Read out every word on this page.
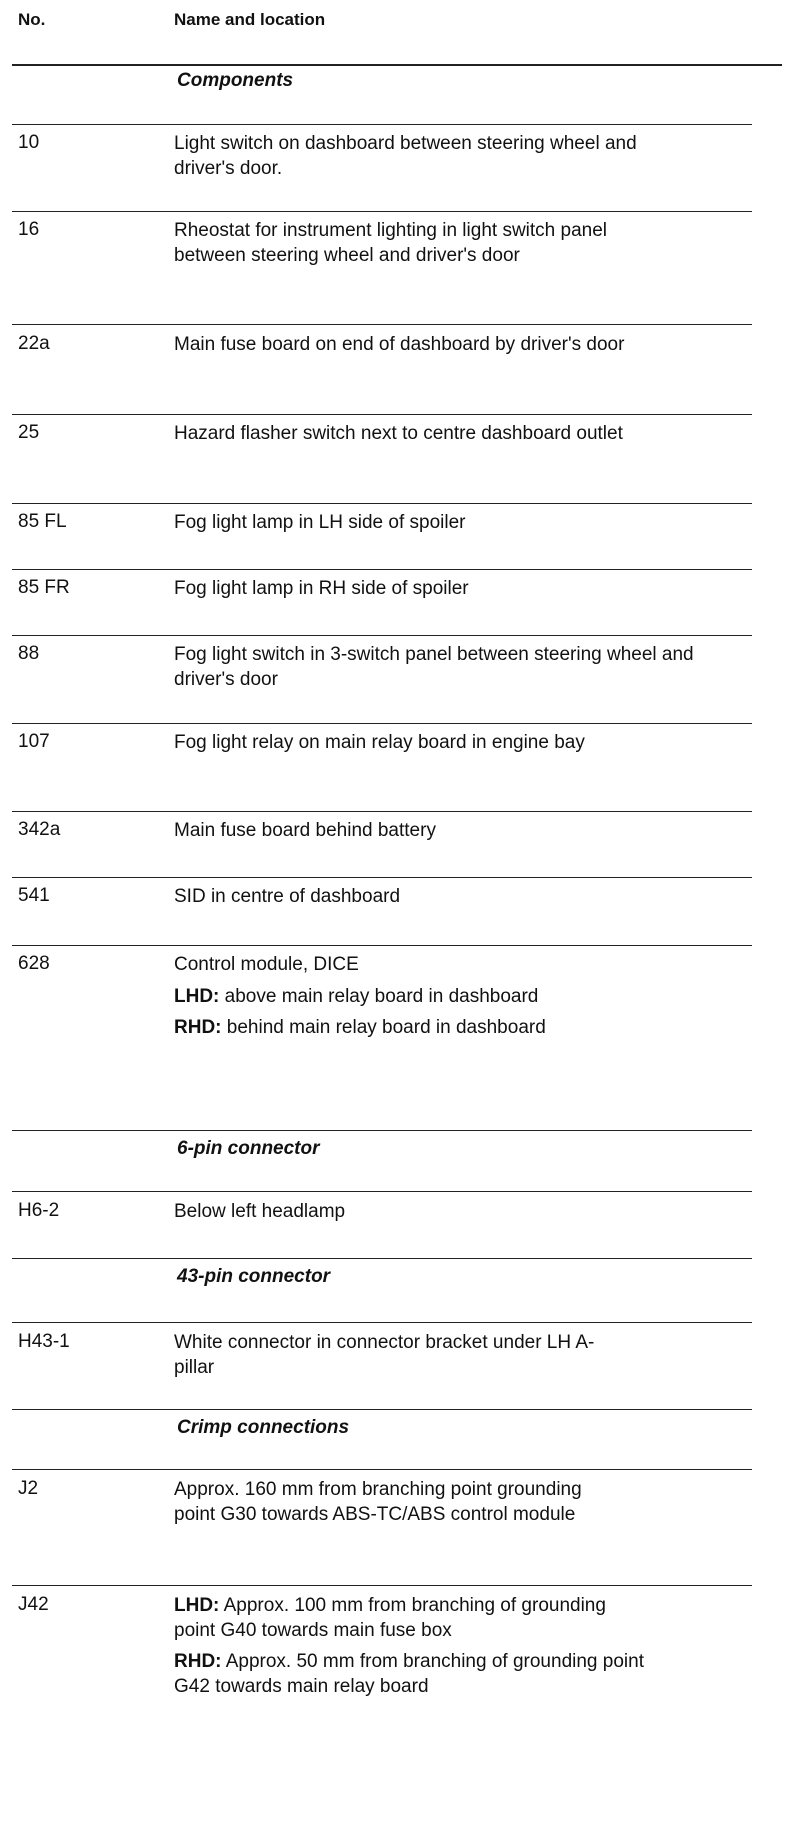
No.	Name and location
Components
10	Light switch on dashboard between steering wheel and driver's door.

16	Rheostat for instrument lighting in light switch panel between steering wheel and driver's door

22a	Main fuse board on end of dashboard by driver's door

25	Hazard flasher switch next to centre dashboard outlet

85 FL	Fog light lamp in LH side of spoiler

85 FR	Fog light lamp in RH side of spoiler

88	Fog light switch in 3-switch panel between steering wheel and driver's door

107	Fog light relay on main relay board in engine bay

342a	Main fuse board behind battery

541	SID in centre of dashboard

628	Control module, DICE

LHD: above main relay board in dashboard

RHD: behind main relay board in dashboard

6-pin connector
H6-2	Below left headlamp

43-pin connector
H43-1	White connector in connector bracket under LH A-pillar

Crimp connections
J2	Approx. 160 mm from branching point grounding point G30 towards ABS-TC/ABS control module

J42	LHD: Approx. 100 mm from branching of grounding point G40 towards main fuse box

RHD: Approx. 50 mm from branching of grounding point G42 towards main relay board
